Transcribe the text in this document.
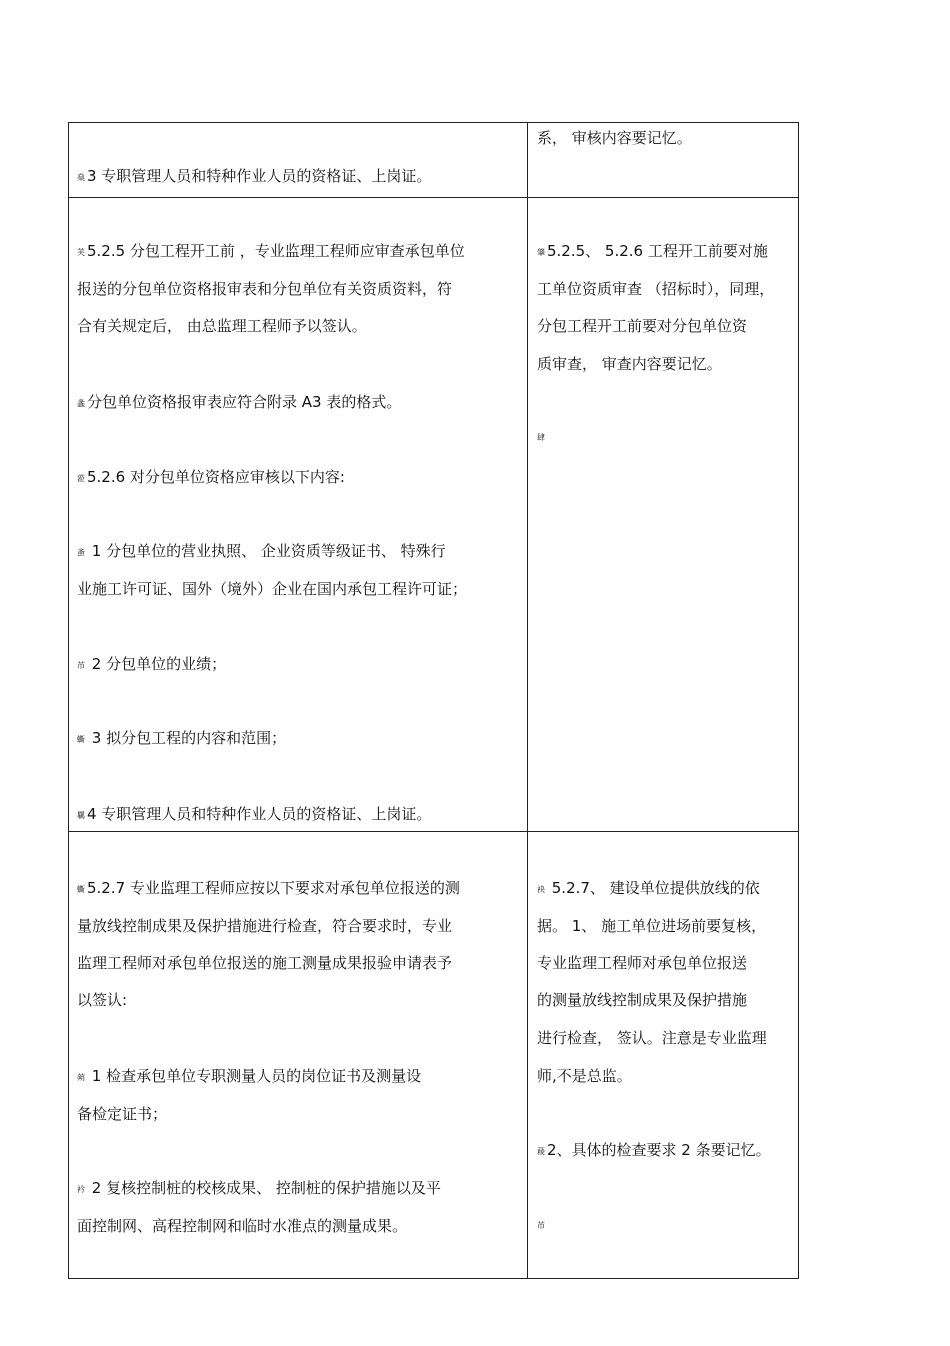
燊 3 专职管理人员和特种作业人员的资格证、上岗证。
系， 审核内容要记忆。
芙 5.2.5 分包工程开工前 ，专业监理工程师应审查承包单位
报送的分包单位资格报审表和分包单位有关资质资料，符
合有关规定后， 由总监理工程师予以签认。
螽 分包单位资格报审表应符合附录 A3 表的格式。
蒞 5.2.6 对分包单位资格应审核以下内容:
蚉 1 分包单位的营业执照、 企业资质等级证书、 特殊行
业施工许可证、国外（境外）企业在国内承包工程许可证；
芇 2 分包单位的业绩；
蟖 3 拟分包工程的内容和范围；
羈 4 专职管理人员和特种作业人员的资格证、上岗证。
肇 5.2.5、 5.2.6 工程开工前要对施
工单位资质审查 （招标时），同理，
分包工程开工前要对分包单位资
质审查， 审查内容要记忆。
肆
蟖 5.2.7 专业监理工程师应按以下要求对承包单位报送的测
量放线控制成果及保护措施进行检查，符合要求时，专业
监理工程师对承包单位报送的施工测量成果报验申请表予
以签认:
蒴 1 检查承包单位专职测量人员的岗位证书及测量设
备检定证书；
衿 2 复核控制桩的校核成果、 控制桩的保护措施以及平
面控制网、高程控制网和临时水准点的测量成果。
袂 5.2.7、 建设单位提供放线的依
据。 1、 施工单位进场前要复核，
专业监理工程师对承包单位报送
的测量放线控制成果及保护措施
进行检查， 签认。注意是专业监理
师,不是总监。
薐 2、具体的检查要求 2 条要记忆。
芇
